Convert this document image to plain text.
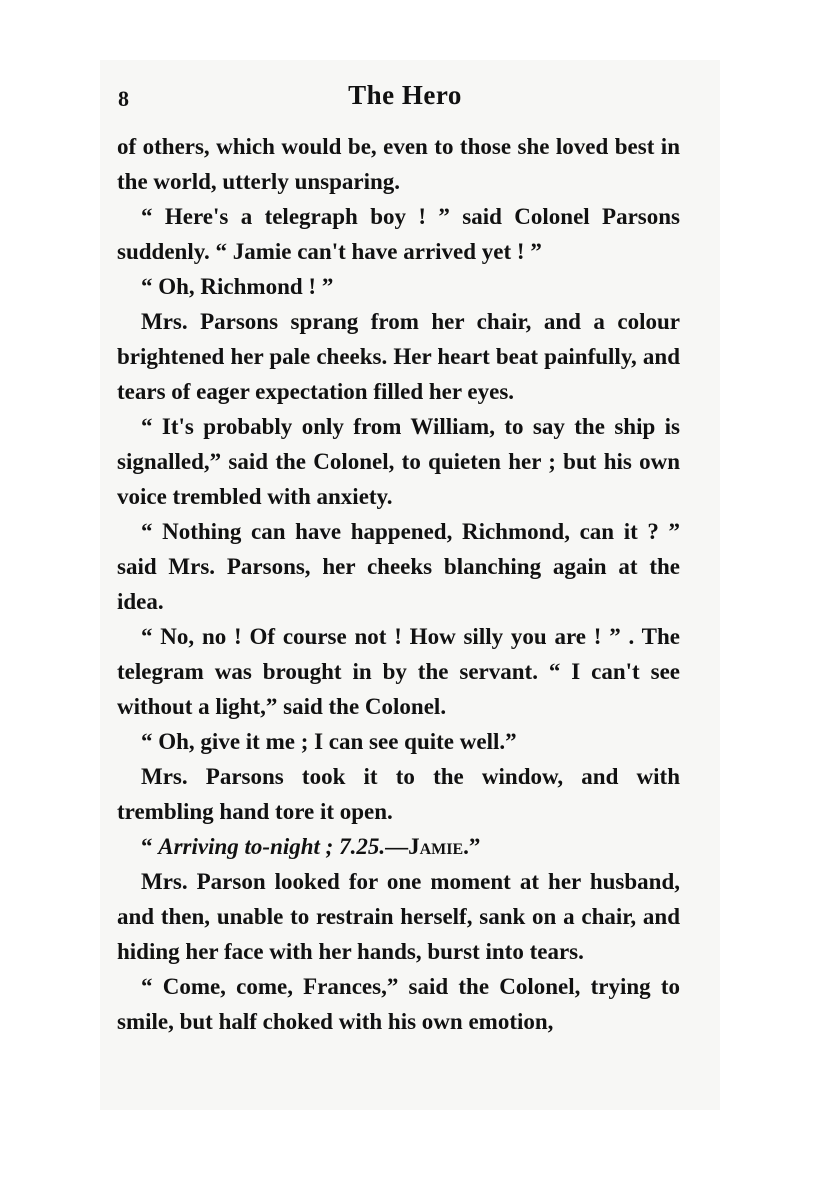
8	The Hero

of others, which would be, even to those she loved best in the world, utterly unsparing.

“ Here's a telegraph boy ! ” said Colonel Parsons suddenly. “ Jamie can't have arrived yet ! ”

“ Oh, Richmond ! ”

Mrs. Parsons sprang from her chair, and a colour brightened her pale cheeks. Her heart beat painfully, and tears of eager expectation filled her eyes.

“ It's probably only from William, to say the ship is signalled,” said the Colonel, to quieten her ; but his own voice trembled with anxiety.

“ Nothing can have happened, Richmond, can it ? ” said Mrs. Parsons, her cheeks blanching again at the idea.

“ No, no ! Of course not ! How silly you are ! ” . The telegram was brought in by the servant. “ I can't see without a light,” said the Colonel.

“ Oh, give it me ; I can see quite well.”

Mrs. Parsons took it to the window, and with trembling hand tore it open.

“ Arriving to-night ; 7.25.—Jamie.”

Mrs. Parson looked for one moment at her husband, and then, unable to restrain herself, sank on a chair, and hiding her face with her hands, burst into tears.

“ Come, come, Frances,” said the Colonel, trying to smile, but half choked with his own emotion,
